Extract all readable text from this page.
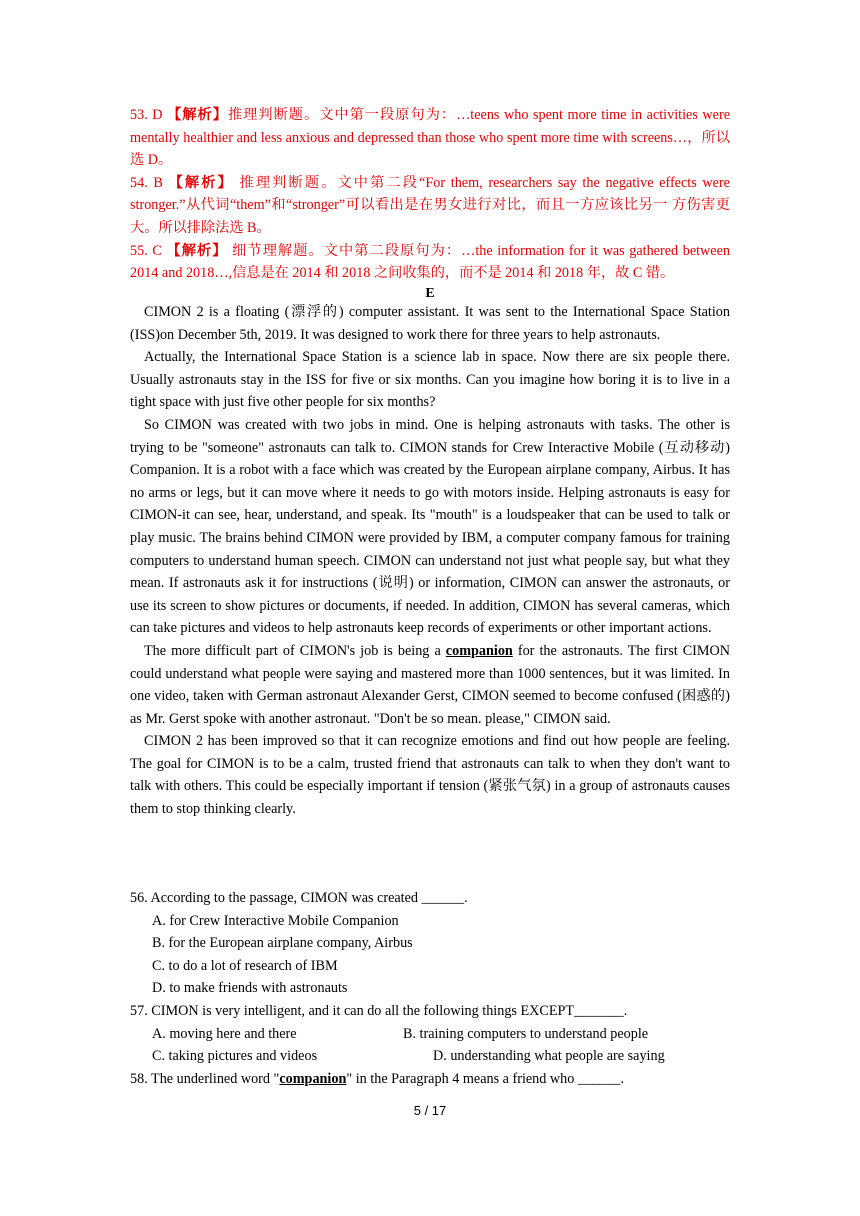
53. D 【解析】推理判断题。文中第一段原句为：…teens who spent more time in activities were mentally healthier and less anxious and depressed than those who spent more time with screens…，所以选 D。

54. B 【解析】 推理判断题。文中第二段“For them, researchers say the negative effects were stronger.”从代词“them”和“stronger”可以看出是在男女进行对比，而且一方应该比另一 方伤害更大。所以排除法选 B。

55. C 【解析】 细节理解题。文中第二段原句为：…the information for it was gathered between 2014 and 2018…,信息是在 2014 和 2018 之间收集的，而不是 2014 和 2018 年，故 C 错。

E

CIMON 2 is a floating (漂浮的) computer assistant. It was sent to the International Space Station (ISS)on December 5th, 2019. It was designed to work there for three years to help astronauts.

Actually, the International Space Station is a science lab in space. Now there are six people there. Usually astronauts stay in the ISS for five or six months. Can you imagine how boring it is to live in a tight space with just five other people for six months?

So CIMON was created with two jobs in mind. One is helping astronauts with tasks. The other is trying to be "someone" astronauts can talk to. CIMON stands for Crew Interactive Mobile (互动移动) Companion. It is a robot with a face which was created by the European airplane company, Airbus. It has no arms or legs, but it can move where it needs to go with motors inside. Helping astronauts is easy for CIMON-it can see, hear, understand, and speak. Its "mouth" is a loudspeaker that can be used to talk or play music. The brains behind CIMON were provided by IBM, a computer company famous for training computers to understand human speech. CIMON can understand not just what people say, but what they mean. If astronauts ask it for instructions (说明) or information, CIMON can answer the astronauts, or use its screen to show pictures or documents, if needed. In addition, CIMON has several cameras, which can take pictures and videos to help astronauts keep records of experiments or other important actions.

The more difficult part of CIMON's job is being a companion for the astronauts. The first CIMON could understand what people were saying and mastered more than 1000 sentences, but it was limited. In one video, taken with German astronaut Alexander Gerst, CIMON seemed to become confused (困惑的) as Mr. Gerst spoke with another astronaut. "Don't be so mean. please," CIMON said.

CIMON 2 has been improved so that it can recognize emotions and find out how people are feeling. The goal for CIMON is to be a calm, trusted friend that astronauts can talk to when they don't want to talk with others. This could be especially important if tension (紧张气氛) in a group of astronauts causes them to stop thinking clearly.

56. According to the passage, CIMON was created ______.

A. for Crew Interactive Mobile Companion

B. for the European airplane company, Airbus

C. to do a lot of research of IBM

D. to make friends with astronauts

57. CIMON is very intelligent, and it can do all the following things EXCEPT_______.

A. moving here and there	B. training computers to understand people
C. taking pictures and videos	D. understanding what people are saying

58. The underlined word "companion" in the Paragraph 4 means a friend who ______.

5 / 17
